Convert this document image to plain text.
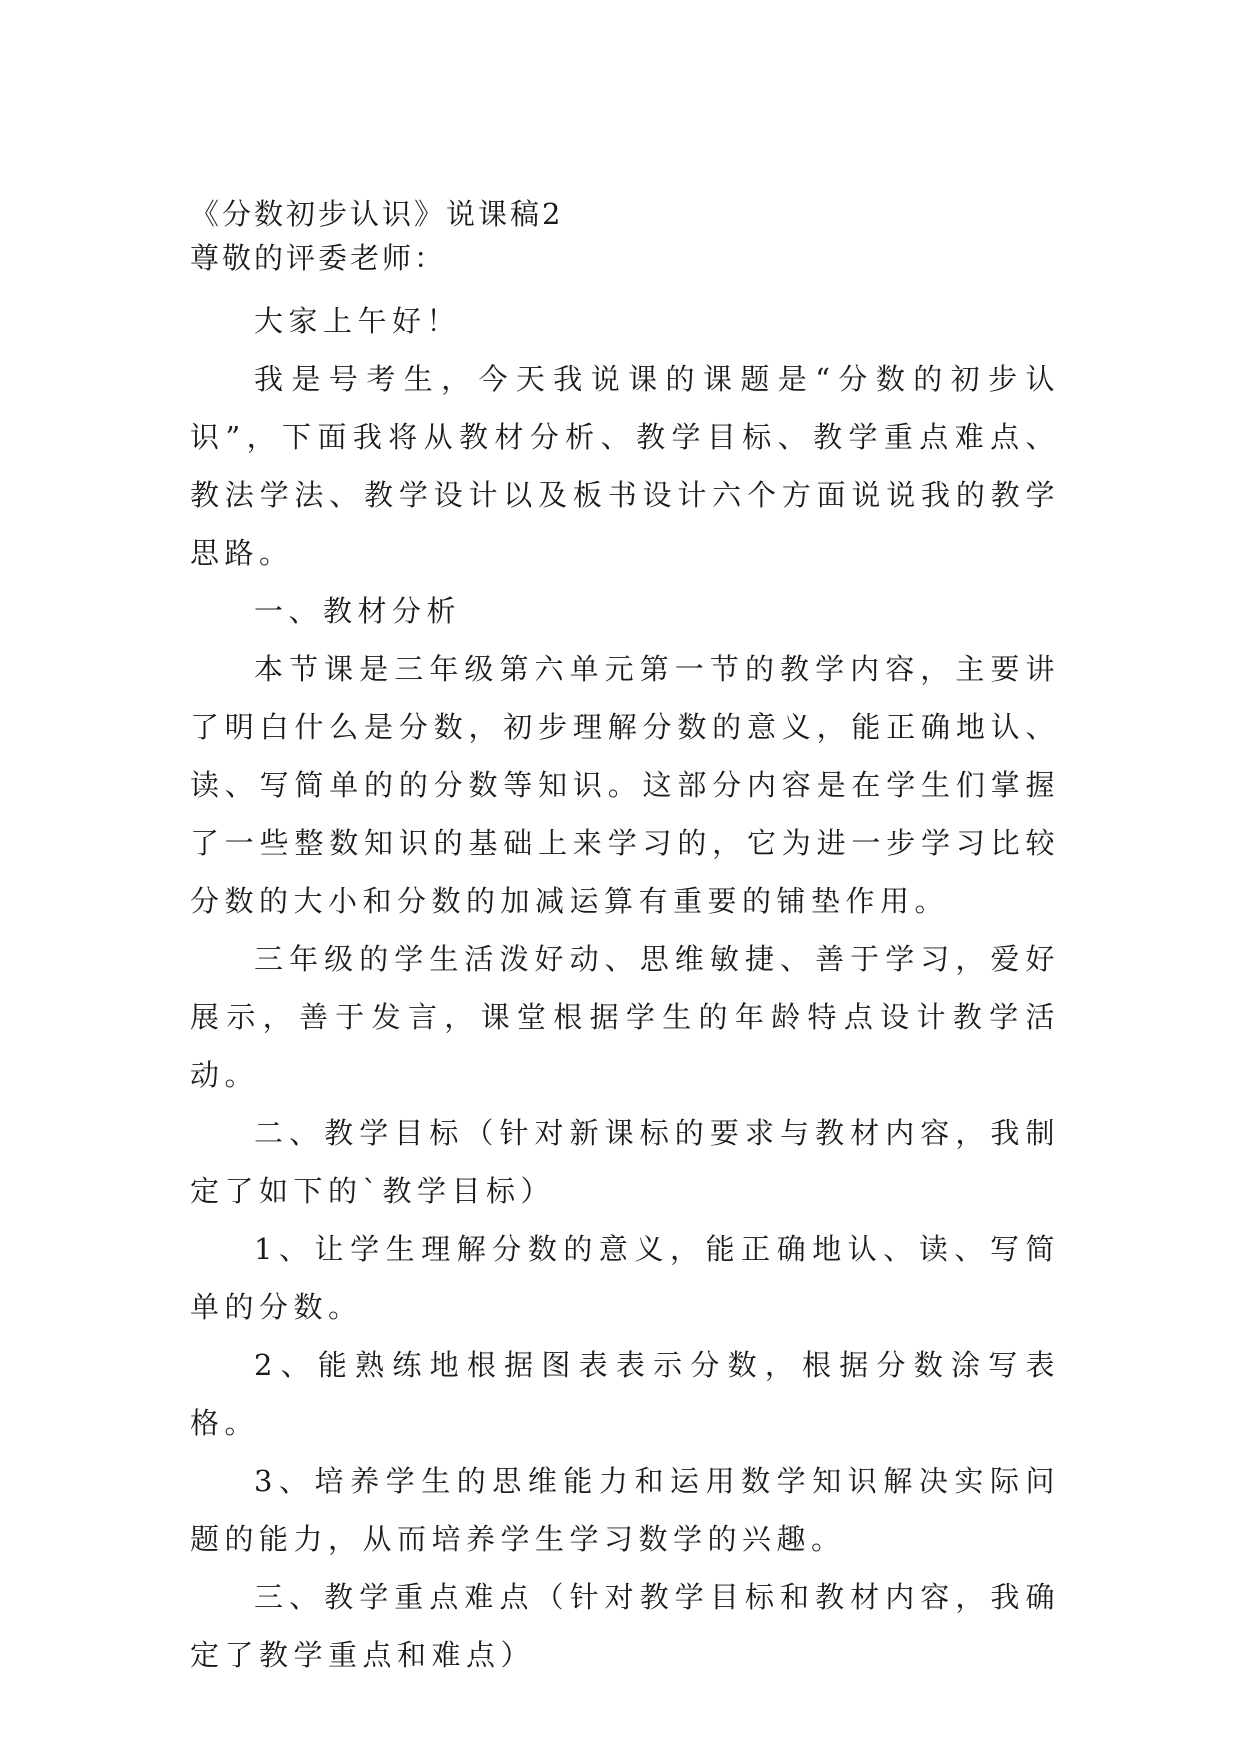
《分数初步认识》说课稿2

尊敬的评委老师：

大家上午好！

我是号考生，今天我说课的课题是“分数的初步认识”，下面我将从教材分析、教学目标、教学重点难点、教法学法、教学设计以及板书设计六个方面说说我的教学思路。

一、教材分析

本节课是三年级第六单元第一节的教学内容，主要讲了明白什么是分数，初步理解分数的意义，能正确地认、读、写简单的的分数等知识。这部分内容是在学生们掌握了一些整数知识的基础上来学习的，它为进一步学习比较分数的大小和分数的加减运算有重要的铺垫作用。

三年级的学生活泼好动、思维敏捷、善于学习，爱好展示，善于发言，课堂根据学生的年龄特点设计教学活动。

二、教学目标（针对新课标的要求与教材内容，我制定了如下的`教学目标）

1、让学生理解分数的意义，能正确地认、读、写简单的分数。

2、能熟练地根据图表表示分数，根据分数涂写表格。

3、培养学生的思维能力和运用数学知识解决实际问题的能力，从而培养学生学习数学的兴趣。

三、教学重点难点（针对教学目标和教材内容，我确定了教学重点和难点）
